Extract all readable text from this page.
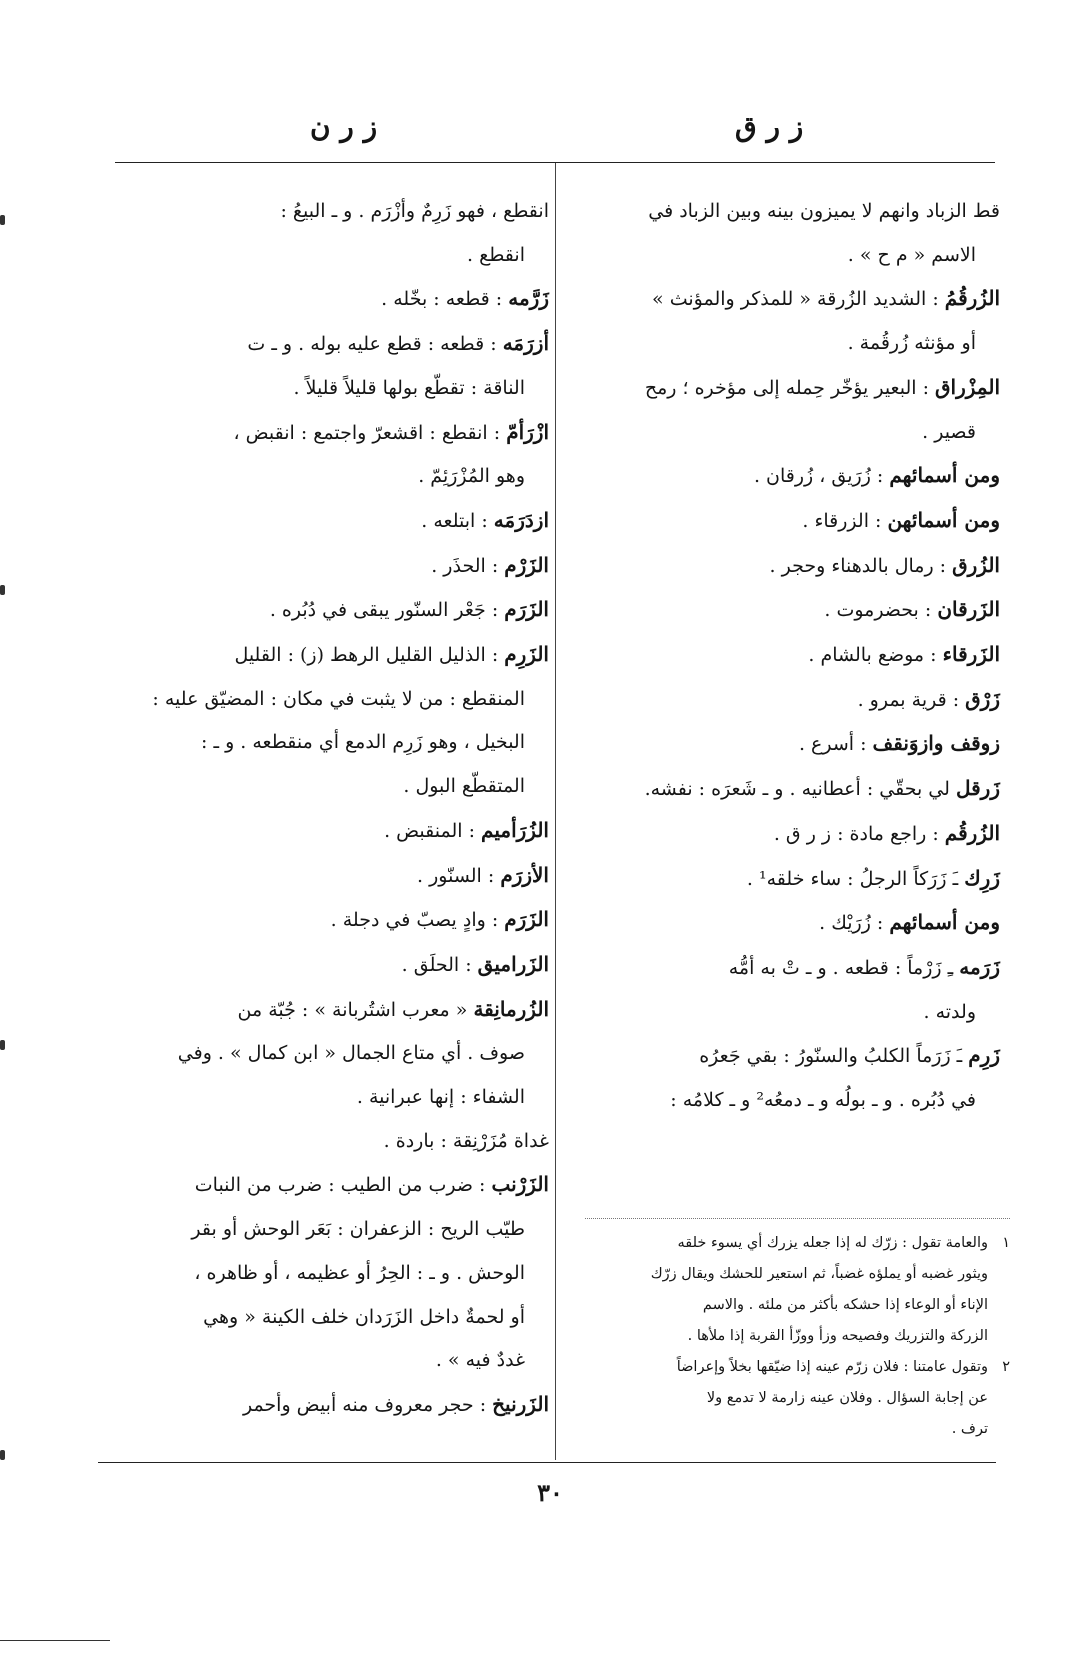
ز ر ق
ز ر ن

قط الزباد وانهم لا يميزون بينه وبين الزباد في

الاسم « م ح » .

الزُرقُمُ : الشديد الزُرقة « للمذكر والمؤنث »

أو مؤنثه زُرقُمة .

المِزْراق : البعير يؤخّر حِمله إلى مؤخره ؛ رمح

قصير .

ومن أسمائهم : زُرَيق ، زُرقان .

ومن أسمائهن : الزرقاء .

الزُرق : رمال بالدهناء وحجر .

الزَرقان : بحضرموت .

الزَرقاء : موضع بالشام .

زَرْق : قرية بمرو .

زوقف وازوَنقف : أسرع .

زَرقل لي بحقّي : أعطانيه . و ـ شَعرَه : نفشه.

الزُرقُم : راجع مادة : ز ر ق .

زَرِك ـَ زَرَكاً الرجلُ : ساء خلقه¹ .

ومن أسمائهم : زُرَيْك .

زَرَمه ـِ زَرْماً : قطعه . و ـ تْ به أمُّه

ولدته .

زَرِم ـَ زَرَماً الكلبُ والسنّورُ : بقي جَعرُه

في دُبُره . و ـ بولُه و ـ دمعُه² و ـ كلامُه :

انقطع ، فهو زَرِمٌ وأزْرَم . و ـ البيعُ :

انقطع .

زَرَّمه : قطعه : بخّله .

أزرَمَه : قطعه : قطع عليه بوله . و ـ ت

الناقة : تقطّع بولها قليلاً قليلاً .

ازْرَأمّ : انقطع : اقشعرّ واجتمع : انقبض ،

وهو المُزْرَئِمّ .

ازدَرَمَه : ابتلعه .

الزَرْم : الحذَر .

الزَرَم : جَعْر السنّور يبقى في دُبُره .

الزَرِم : الذليل القليل الرهط (ز) : القليل

المنقطع : من لا يثبت في مكان : المضيّق عليه :

البخيل ، وهو زَرِم الدمع أي منقطعه . و ـ :

المتقطّع البول .

الزُرَأميم : المنقبض .

الأزرَم : السنّور .

الزَرَم : وادٍ يصبّ في دجلة .

الزَراميق : الحلَق .

الزُرمانِقة « معرب اشتُربانة » : جُبّة من

صوف . أي متاع الجمال « ابن كمال » . وفي

الشفاء : إنها عبرانية .

غداة مُزَرْنِقة : باردة .

الزَرْنب : ضرب من الطيب : ضرب من النبات

طيّب الريح : الزعفران : بَعَر الوحش أو بقر

الوحش . و ـ : الحِرُ أو عظيمه ، أو ظاهره ،

أو لحمةٌ داخل الزَرَدان خلف الكينة « وهي

غددٌ فيه » .

الزَرنيخ : حجر معروف منه أبيض وأحمر

١
والعامة تقول : زرّك له إذا جعله يزرك أي يسوء خلقه
ويثور غضبه أو يملؤه غضباً، ثم استعير للحشك ويقال زرّك
الإناء أو الوعاء إذا حشكه بأكثر من ملئه . والاسم
الزركة والتزريك وفصيحه وزأ ووزّأ القربة إذا ملأها .
٢
وتقول عامتنا : فلان زرّم عينه إذا ضيّقها بخلاً وإعراضاً
عن إجابة السؤال . وفلان عينه زارمة لا تدمع ولا
ترف .
٣٠
